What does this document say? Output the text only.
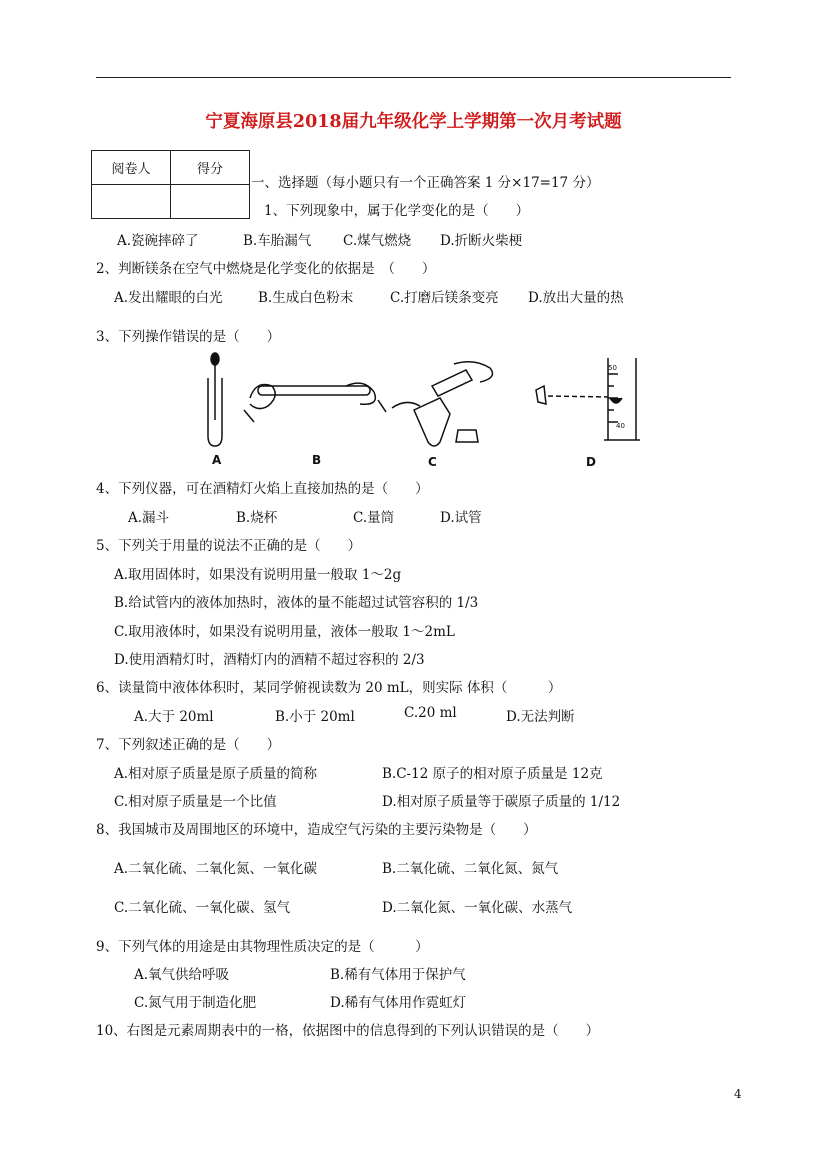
宁夏海原县2018届九年级化学上学期第一次月考试题
阅卷人	得分

一、选择题（每小题只有一个正确答案 1 分×17=17 分）
1、下列现象中，属于化学变化的是（　　）
A.瓷碗摔碎了	B.车胎漏气 C.煤气燃烧 D.折断火柴梗
2、判断镁条在空气中燃烧是化学变化的依据是　（　　）
A.发出耀眼的白光	B.生成白色粉末	C.打磨后镁条变亮 D.放出大量的热
3、下列操作错误的是（　　）
50
40
A	B	C	D
4、下列仪器，可在酒精灯火焰上直接加热的是（　　）
A.漏斗	B.烧杯	C.量筒	D.试管
5、下列关于用量的说法不正确的是（　　）
A.取用固体时，如果没有说明用量一般取 1～2g
B.给试管内的液体加热时，液体的量不能超过试管容积的 1/3
C.取用液体时，如果没有说明用量，液体一般取 1～2mL
D.使用酒精灯时，酒精灯内的酒精不超过容积的 2/3
6、读量筒中液体体积时，某同学俯视读数为 20 mL，则实际 体积（　　　）
A.大于 20ml	B.小于 20ml	C.20 ml	D.无法判断
7、下列叙述正确的是（　　）
A.相对原子质量是原子质量的简称	B.C-12 原子的相对原子质量是 12克
C.相对原子质量是一个比值	D.相对原子质量等于碳原子质量的 1/12
8、我国城市及周围地区的环境中，造成空气污染的主要污染物是（　　）
A.二氧化硫、二氧化氮、一氧化碳	B.二氧化硫、二氧化氮、氮气
C.二氧化硫、一氧化碳、氢气	D.二氧化氮、一氧化碳、水蒸气
9、下列气体的用途是由其物理性质决定的是（　　　）
A.氧气供给呼吸	B.稀有气体用于保护气
C.氮气用于制造化肥	D.稀有气体用作霓虹灯
10、右图是元素周期表中的一格，依据图中的信息得到的下列认识错误的是（　　）
4
